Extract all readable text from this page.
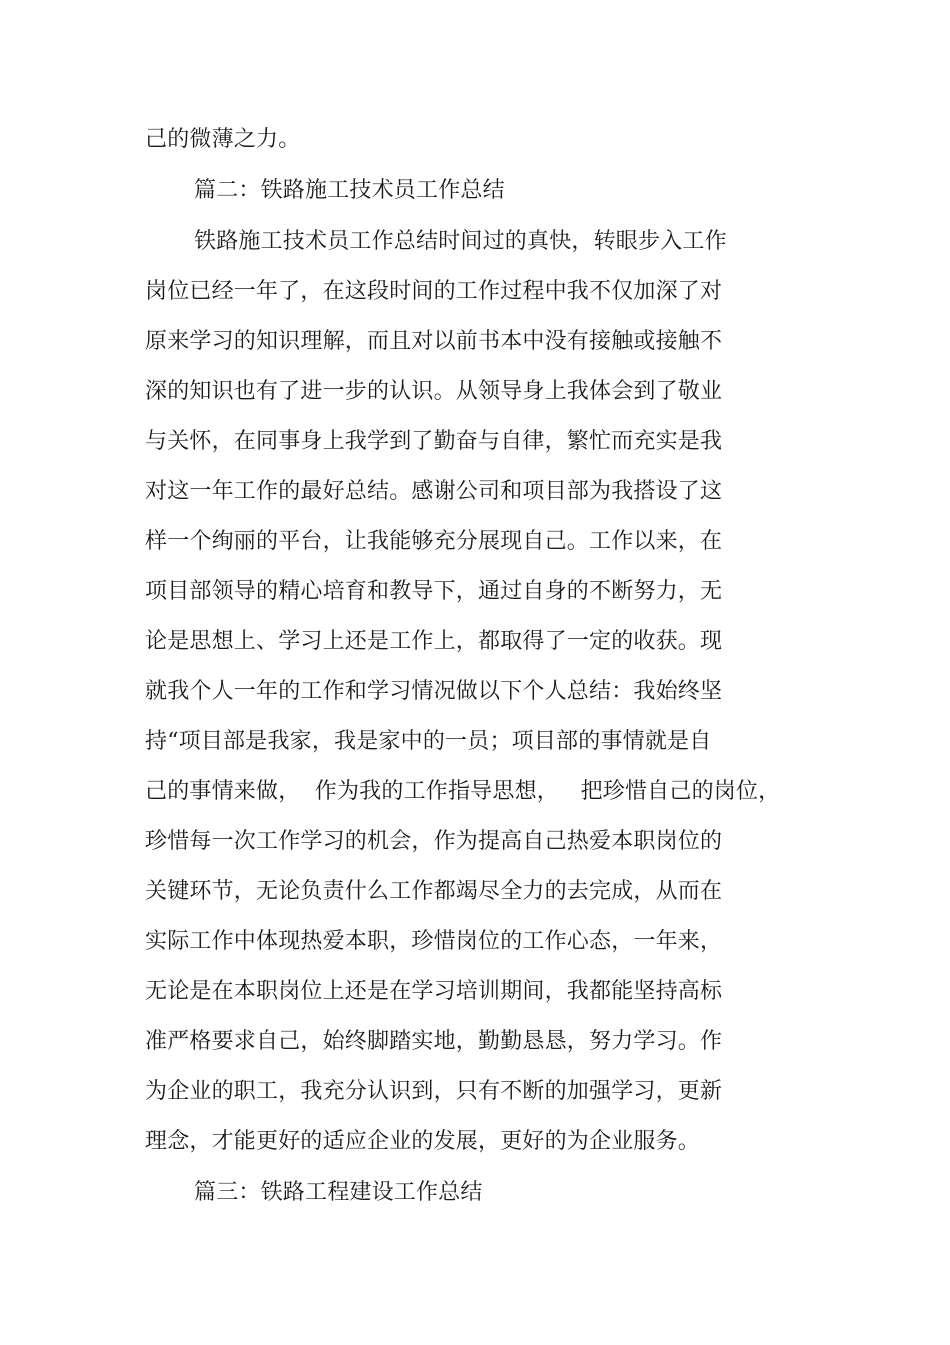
己的微薄之力。
篇二：铁路施工技术员工作总结
铁路施工技术员工作总结时间过的真快，转眼步入工作
岗位已经一年了，在这段时间的工作过程中我不仅加深了对
原来学习的知识理解，而且对以前书本中没有接触或接触不
深的知识也有了进一步的认识。从领导身上我体会到了敬业
与关怀，在同事身上我学到了勤奋与自律，繁忙而充实是我
对这一年工作的最好总结。感谢公司和项目部为我搭设了这
样一个绚丽的平台，让我能够充分展现自己。工作以来，在
项目部领导的精心培育和教导下，通过自身的不断努力，无
论是思想上、学习上还是工作上，都取得了一定的收获。现
就我个人一年的工作和学习情况做以下个人总结：我始终坚
持“项目部是我家，我是家中的一员；项目部的事情就是自
己的事情来做，  作为我的工作指导思想，   把珍惜自己的岗位，
珍惜每一次工作学习的机会，作为提高自己热爱本职岗位的
关键环节，无论负责什么工作都竭尽全力的去完成，从而在
实际工作中体现热爱本职，珍惜岗位的工作心态，一年来，
无论是在本职岗位上还是在学习培训期间，我都能坚持高标
准严格要求自己，始终脚踏实地，勤勤恳恳，努力学习。作
为企业的职工，我充分认识到，只有不断的加强学习，更新
理念，才能更好的适应企业的发展，更好的为企业服务。
篇三：铁路工程建设工作总结
